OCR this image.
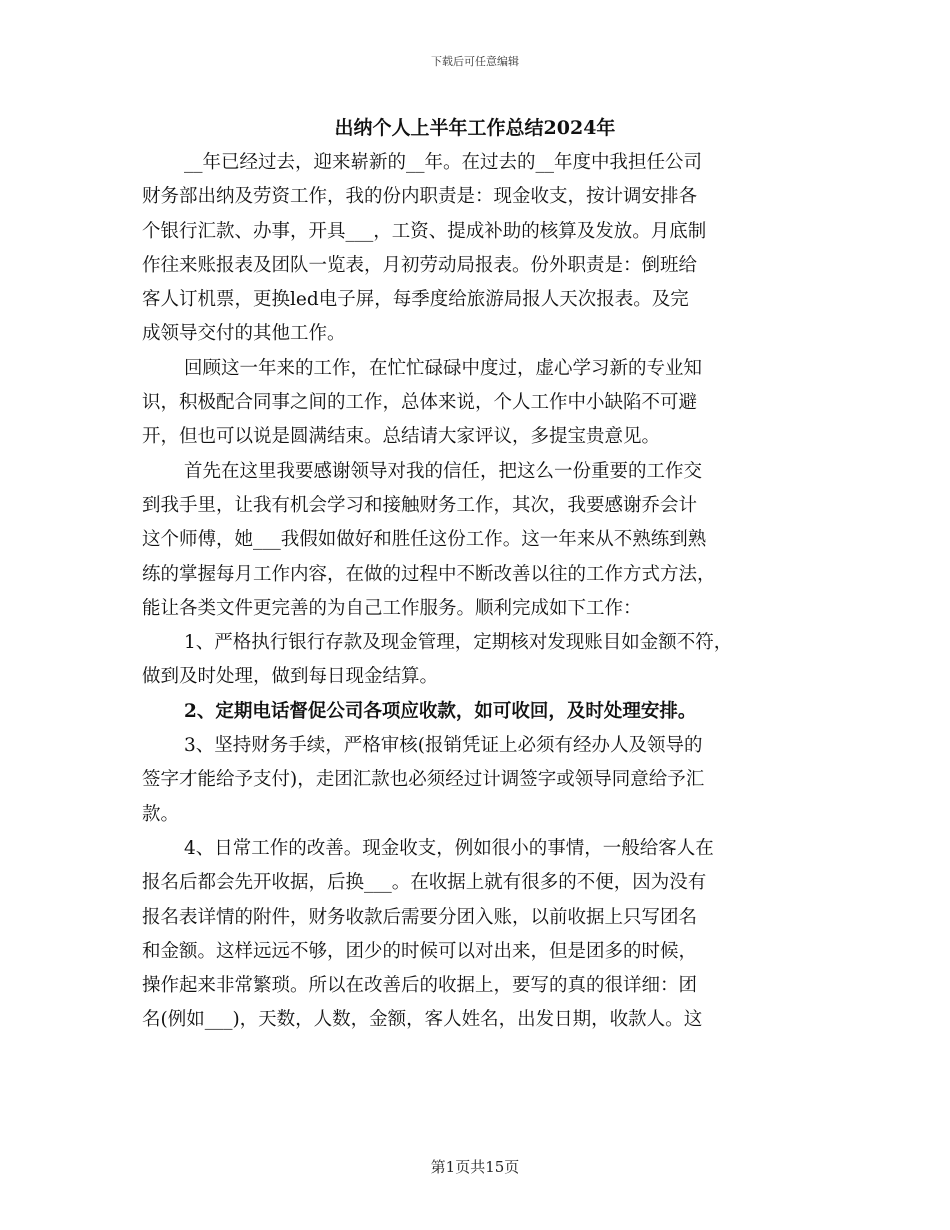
下载后可任意编辑
出纳个人上半年工作总结2024年
__年已经过去，迎来崭新的__年。在过去的__年度中我担任公司
财务部出纳及劳资工作，我的份内职责是：现金收支，按计调安排各
个银行汇款、办事，开具___，工资、提成补助的核算及发放。月底制
作往来账报表及团队一览表，月初劳动局报表。份外职责是：倒班给
客人订机票，更换led电子屏，每季度给旅游局报人天次报表。及完
成领导交付的其他工作。
回顾这一年来的工作，在忙忙碌碌中度过，虚心学习新的专业知
识，积极配合同事之间的工作，总体来说，个人工作中小缺陷不可避
开，但也可以说是圆满结束。总结请大家评议，多提宝贵意见。
首先在这里我要感谢领导对我的信任，把这么一份重要的工作交
到我手里，让我有机会学习和接触财务工作，其次，我要感谢乔会计
这个师傅，她___我假如做好和胜任这份工作。这一年来从不熟练到熟
练的掌握每月工作内容，在做的过程中不断改善以往的工作方式方法，
能让各类文件更完善的为自己工作服务。顺利完成如下工作：
1、严格执行银行存款及现金管理，定期核对发现账目如金额不符，
做到及时处理，做到每日现金结算。
2、定期电话督促公司各项应收款，如可收回，及时处理安排。
3、坚持财务手续，严格审核(报销凭证上必须有经办人及领导的
签字才能给予支付)，走团汇款也必须经过计调签字或领导同意给予汇
款。
4、日常工作的改善。现金收支，例如很小的事情，一般给客人在
报名后都会先开收据，后换___。在收据上就有很多的不便，因为没有
报名表详情的附件，财务收款后需要分团入账，以前收据上只写团名
和金额。这样远远不够，团少的时候可以对出来，但是团多的时候，
操作起来非常繁琐。所以在改善后的收据上，要写的真的很详细：团
名(例如___)，天数，人数，金额，客人姓名，出发日期，收款人。这
第1页共15页
